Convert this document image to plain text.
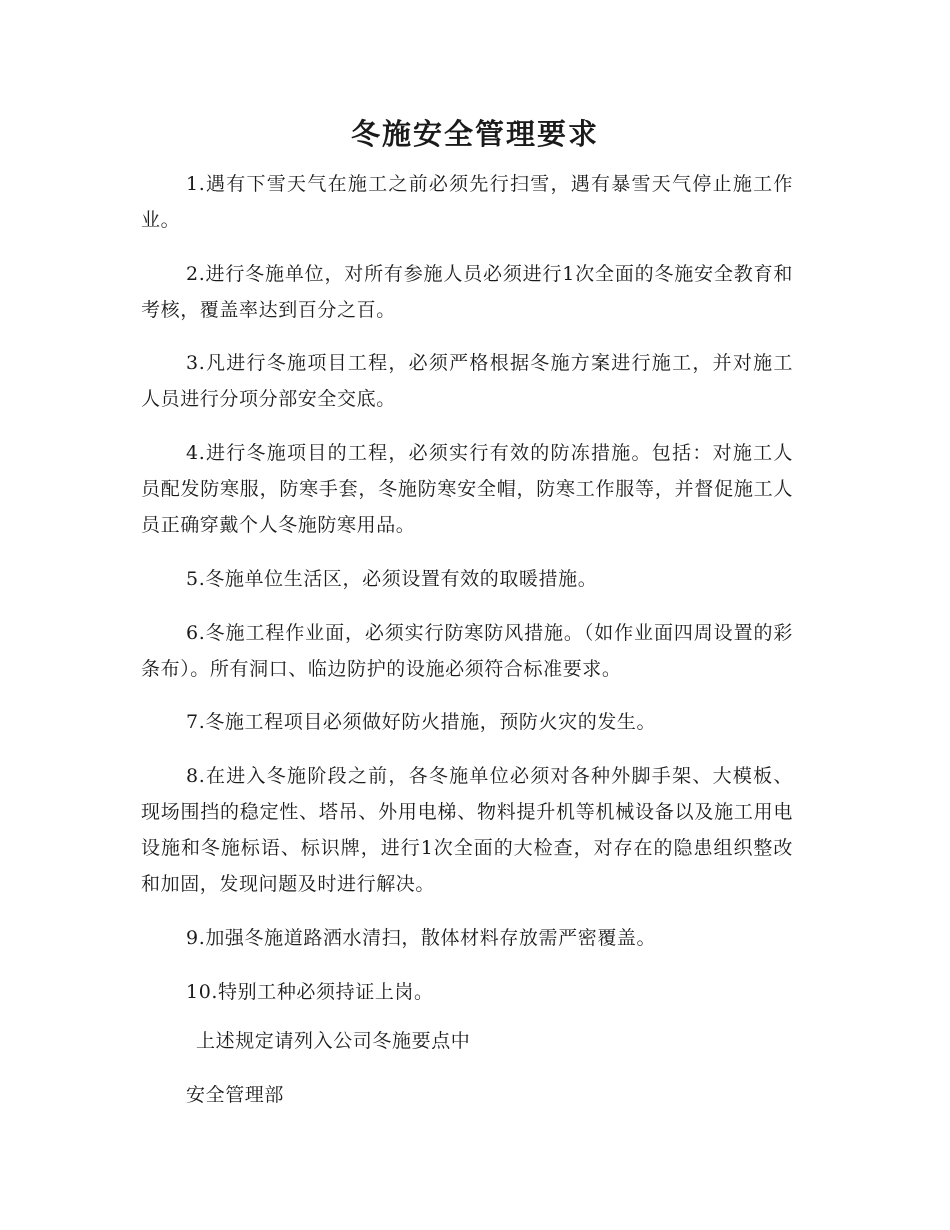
冬施安全管理要求

1.遇有下雪天气在施工之前必须先行扫雪，遇有暴雪天气停止施工作业。

2.进行冬施单位，对所有参施人员必须进行1次全面的冬施安全教育和考核，覆盖率达到百分之百。

3.凡进行冬施项目工程，必须严格根据冬施方案进行施工，并对施工人员进行分项分部安全交底。

4.进行冬施项目的工程，必须实行有效的防冻措施。包括：对施工人员配发防寒服，防寒手套，冬施防寒安全帽，防寒工作服等，并督促施工人员正确穿戴个人冬施防寒用品。

5.冬施单位生活区，必须设置有效的取暖措施。

6.冬施工程作业面，必须实行防寒防风措施。（如作业面四周设置的彩条布）。所有洞口、临边防护的设施必须符合标准要求。

7.冬施工程项目必须做好防火措施，预防火灾的发生。

8.在进入冬施阶段之前，各冬施单位必须对各种外脚手架、大模板、现场围挡的稳定性、塔吊、外用电梯、物料提升机等机械设备以及施工用电设施和冬施标语、标识牌，进行1次全面的大检查，对存在的隐患组织整改和加固，发现问题及时进行解决。

9.加强冬施道路洒水清扫，散体材料存放需严密覆盖。

10.特别工种必须持证上岗。

上述规定请列入公司冬施要点中
安全管理部
